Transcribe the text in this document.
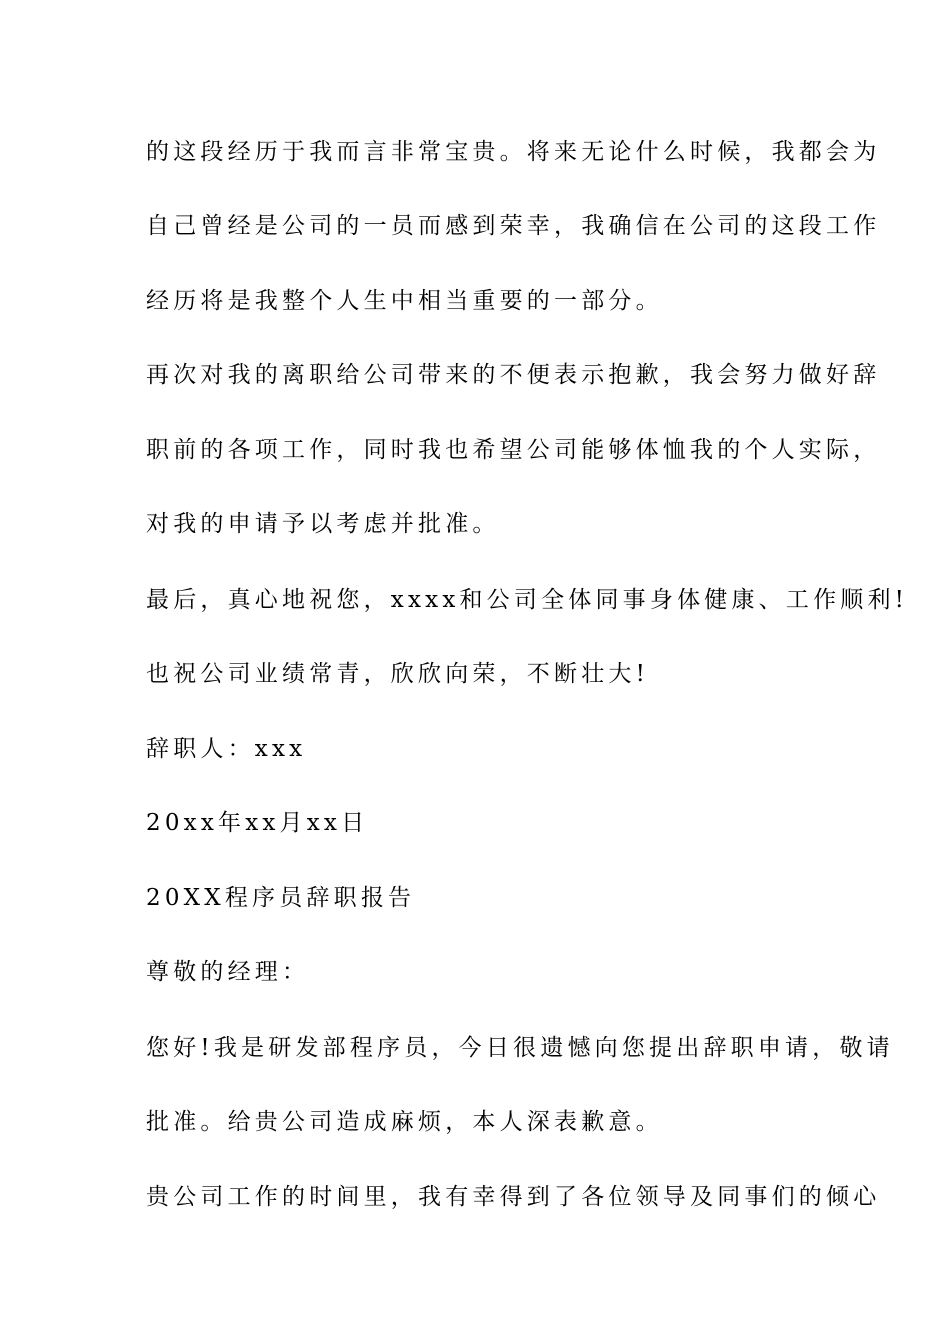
的这段经历于我而言非常宝贵。将来无论什么时候，我都会为
自己曾经是公司的一员而感到荣幸，我确信在公司的这段工作
经历将是我整个人生中相当重要的一部分。
再次对我的离职给公司带来的不便表示抱歉，我会努力做好辞
职前的各项工作，同时我也希望公司能够体恤我的个人实际，
对我的申请予以考虑并批准。
最后，真心地祝您，xxxx和公司全体同事身体健康、工作顺利!
也祝公司业绩常青，欣欣向荣，不断壮大!
辞职人：xxx
20xx年xx月xx日
20XX程序员辞职报告
尊敬的经理：
您好!我是研发部程序员，今日很遗憾向您提出辞职申请，敬请
批准。给贵公司造成麻烦，本人深表歉意。
贵公司工作的时间里，我有幸得到了各位领导及同事们的倾心
